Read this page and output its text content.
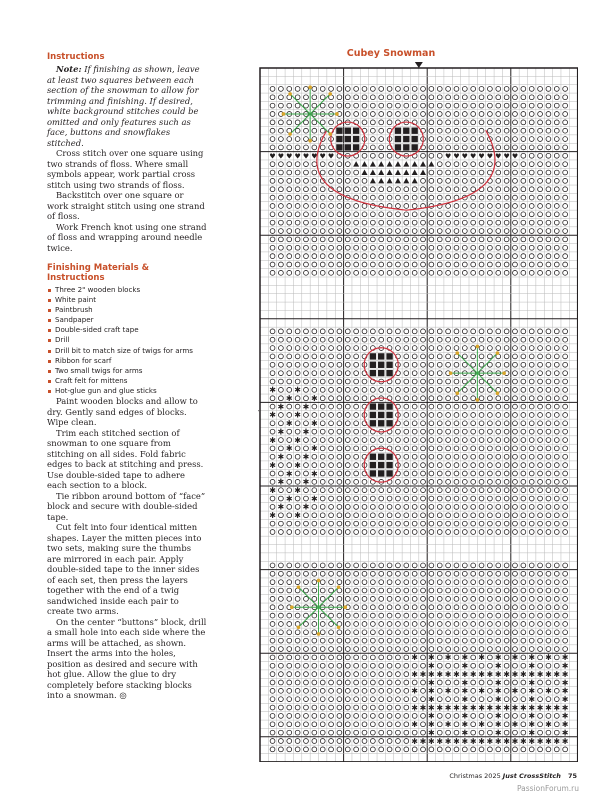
Instructions

Note: If finishing as shown, leave at least two squares between each section of the snowman to allow for trimming and finishing. If desired, white background stitches could be omitted and only features such as face, buttons and snowflakes stitched.

Cross stitch over one square using two strands of floss. Where small symbols appear, work partial cross stitch using two strands of floss.

Backstitch over one square or work straight stitch using one strand of floss.

Work French knot using one strand of floss and wrapping around needle twice.

Finishing Materials & Instructions
Three 2" wooden blocks
White paint
Paintbrush
Sandpaper
Double-sided craft tape
Drill
Drill bit to match size of twigs for arms
Ribbon for scarf
Two small twigs for arms
Craft felt for mittens
Hot-glue gun and glue sticks

Paint wooden blocks and allow to dry. Gently sand edges of blocks. Wipe clean.

Trim each stitched section of snowman to one square from stitching on all sides. Fold fabric edges to back at stitching and press. Use double-sided tape to adhere each section to a block.

Tie ribbon around bottom of “face” block and secure with double-sided tape.

Cut felt into four identical mitten shapes. Layer the mitten pieces into two sets, making sure the thumbs are mirrored in each pair. Apply double-sided tape to the inner sides of each set, then press the layers together with the end of a twig sandwiched inside each pair to create two arms.

On the center “buttons” block, drill a small hole into each side where the arms will be attached, as shown. Insert the arms into the holes, position as desired and secure with hot glue. Allow the glue to dry completely before stacking blocks into a snowman. ◎

Cubey Snowman
♥ ♥ ♥ ♥ ♥ ♥ ♥ ♥	♥ ♥ ♥ ♥ ♥ ♥ ♥ ♥ ♥
✱ ✱
✱ ✱
✱ ✱
✱ ✱
✱ ✱
✱ ✱
✱ ✱
✱ ✱
✱ ✱
✱ ✱
✱ ✱
✱ ✱
✱ ✱
✱ ✱
✱ ✱
✱ ✱
✱ ✱ ✱ ✱ ✱ ✱ ✱ ✱ ✱ ✱
✱	✱	✱	✱	✱
✱ ✱ ✱ ✱ ✱ ✱ ✱ ✱ ✱ ✱ ✱ ✱ ✱ ✱ ✱ ✱ ✱ ✱ ✱
✱	✱	✱	✱	✱
✱ ✱ ✱ ✱ ✱ ✱ ✱ ✱ ✱ ✱
✱	✱	✱	✱	✱
✱ ✱ ✱ ✱ ✱ ✱ ✱ ✱ ✱ ✱ ✱ ✱ ✱ ✱ ✱ ✱ ✱ ✱ ✱
✱	✱	✱	✱	✱
✱ ✱ ✱ ✱ ✱ ✱ ✱ ✱ ✱ ✱
✱	✱	✱	✱	✱
✱ ✱ ✱ ✱ ✱ ✱ ✱ ✱ ✱ ✱ ✱ ✱ ✱ ✱ ✱ ✱ ✱ ✱ ✱
Christmas 2025 Just CrossStitch 75
PassionForum.ru
